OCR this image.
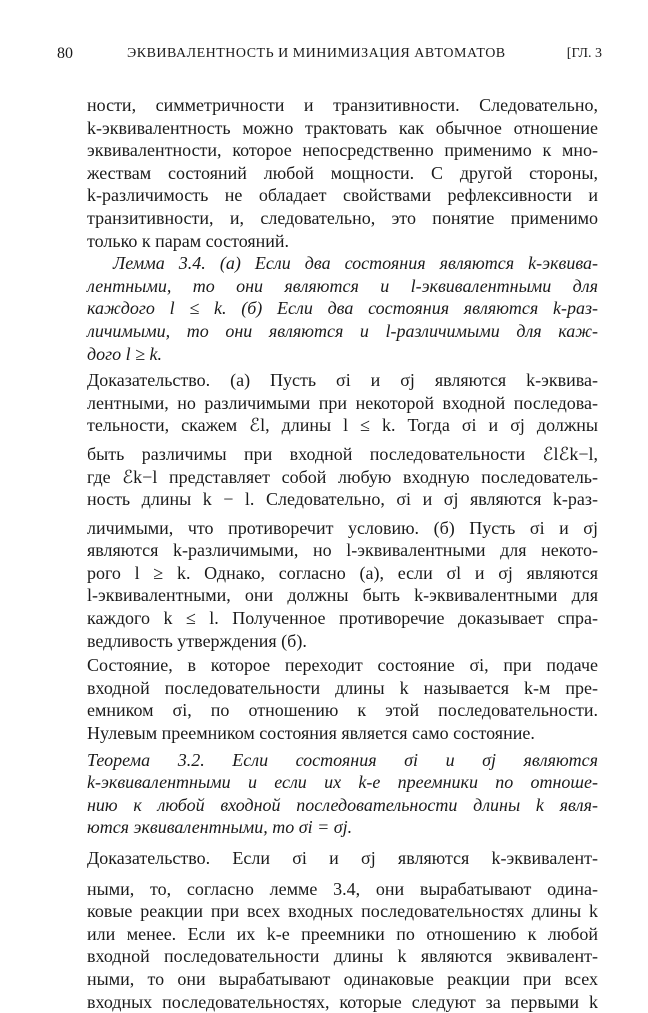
80	ЭКВИВАЛЕНТНОСТЬ И МИНИМИЗАЦИЯ АВТОМАТОВ	[ГЛ. 3
ности, симметричности и транзитивности. Следовательно,
k-эквивалентность можно трактовать как обычное отношение
эквивалентности, которое непосредственно применимо к мно-
жествам состояний любой мощности. С другой стороны,
k-различимость не обладает свойствами рефлексивности и
транзитивности, и, следовательно, это понятие применимо
только к парам состояний.
Лемма 3.4. (а) Если два состояния являются k-эквива-
лентными, то они являются и l-эквивалентными для
каждого l ≤ k. (б) Если два состояния являются k-раз-
личимыми, то они являются и l-различимыми для каж-
дого l ≥ k.
Доказательство. (а) Пусть σi и σj являются k-эквива-
лентными, но различимыми при некоторой входной последова-
тельности, скажем ℰl, длины l ≤ k. Тогда σi и σj должны
быть различимы при входной последовательности ℰlℰk−l,
где ℰk−l представляет собой любую входную последователь-
ность длины k − l. Следовательно, σi и σj являются k-раз-
личимыми, что противоречит условию. (б) Пусть σi и σj
являются k-различимыми, но l-эквивалентными для некото-
рого l ≥ k. Однако, согласно (а), если σl и σj являются
l-эквивалентными, они должны быть k-эквивалентными для
каждого k ≤ l. Полученное противоречие доказывает спра-
ведливость утверждения (б).
Состояние, в которое переходит состояние σi, при подаче
входной последовательности длины k называется k-м пре-
емником σi, по отношению к этой последовательности.
Нулевым преемником состояния является само состояние.
Теорема 3.2. Если состояния σi и σj являются
k-эквивалентными и если их k-е преемники по отноше-
нию к любой входной последовательности длины k явля-
ются эквивалентными, то σi = σj.
Доказательство. Если σi и σj являются k-эквивалент-
ными, то, согласно лемме 3.4, они вырабатывают одина-
ковые реакции при всех входных последовательностях длины k
или менее. Если их k-е преемники по отношению к любой
входной последовательности длины k являются эквивалент-
ными, то они вырабатывают одинаковые реакции при всех
входных последовательностях, которые следуют за первыми k
